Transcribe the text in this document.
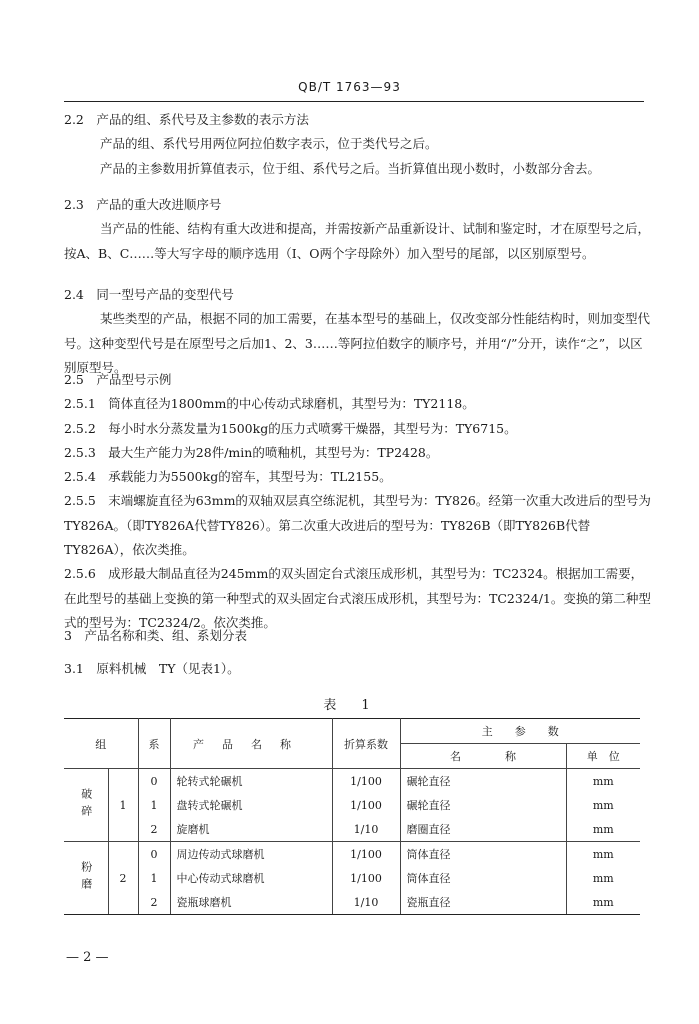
QB/T 1763—93

2.2　产品的组、系代号及主参数的表示方法

产品的组、系代号用两位阿拉伯数字表示，位于类代号之后。

产品的主参数用折算值表示，位于组、系代号之后。当折算值出现小数时，小数部分舍去。

2.3　产品的重大改进顺序号

当产品的性能、结构有重大改进和提高，并需按新产品重新设计、试制和鉴定时，才在原型号之后，按A、B、C……等大写字母的顺序选用（I、O两个字母除外）加入型号的尾部，以区别原型号。

2.4　同一型号产品的变型代号

某些类型的产品，根据不同的加工需要，在基本型号的基础上，仅改变部分性能结构时，则加变型代号。这种变型代号是在原型号之后加1、2、3……等阿拉伯数字的顺序号，并用“/”分开，读作“之”，以区别原型号。

2.5　产品型号示例

2.5.1　筒体直径为1800mm的中心传动式球磨机，其型号为：TY2118。

2.5.2　每小时水分蒸发量为1500kg的压力式喷雾干燥器，其型号为：TY6715。

2.5.3　最大生产能力为28件/min的喷釉机，其型号为：TP2428。

2.5.4　承载能力为5500kg的窑车，其型号为：TL2155。

2.5.5　末端螺旋直径为63mm的双轴双层真空练泥机，其型号为：TY826。经第一次重大改进后的型号为TY826A。（即TY826A代替TY826）。第二次重大改进后的型号为：TY826B（即TY826B代替TY826A），依次类推。

2.5.6　成形最大制品直径为245mm的双头固定台式滚压成形机，其型号为：TC2324。根据加工需要，在此型号的基础上变换的第一种型式的双头固定台式滚压成形机，其型号为：TC2324/1。变换的第二种型式的型号为：TC2324/2。依次类推。

3　产品名称和类、组、系划分表

3.1　原料机械　TY（见表1）。

表　1
组		系	产品名称	折算系数	主　　参　　数	
					名　　　　称	单　位
破碎	1	0	轮转式轮碾机	1/100	碾轮直径	mm
		1	盘转式轮碾机	1/100	碾轮直径	mm
		2	旋磨机	1/10	磨圈直径	mm
粉磨	2	0	周边传动式球磨机	1/100	筒体直径	mm
		1	中心传动式球磨机	1/100	筒体直径	mm
		2	瓷瓶球磨机	1/10	瓷瓶直径	mm
— 2 —
